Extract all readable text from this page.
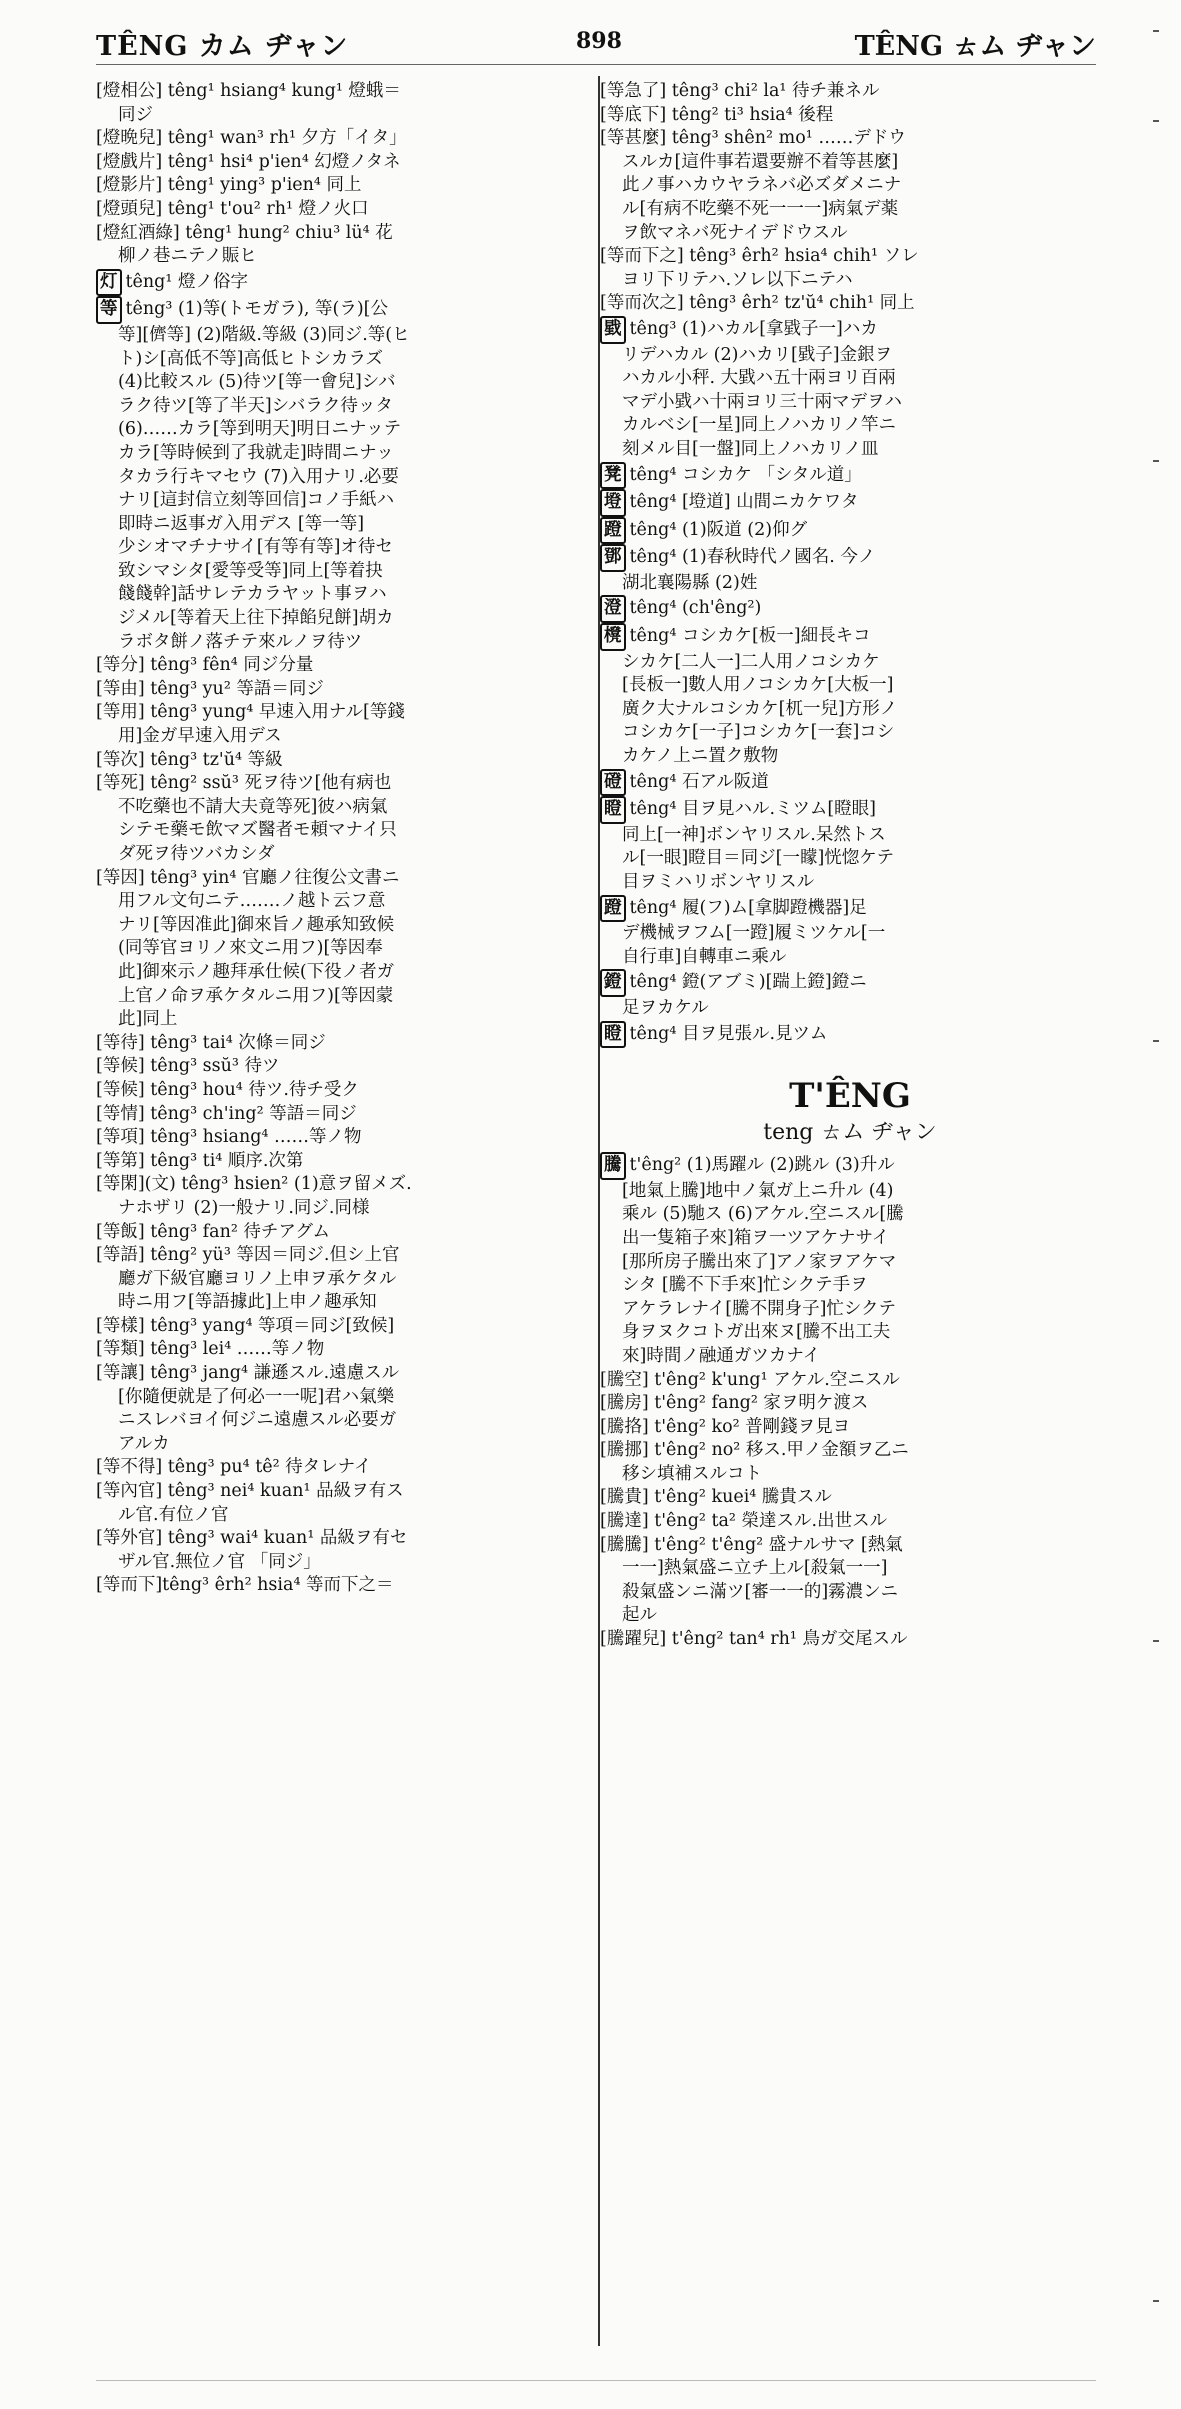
TÊNG カム ヂャン	898	TÊNG ㄊム ヂャン
[燈相公] têng¹ hsiang⁴ kung¹ 燈蛾＝
同ジ
[燈晩兒] têng¹ wan³ rh¹ 夕方「イタ」
[燈戲片] têng¹ hsi⁴ p'ien⁴ 幻燈ノタネ
[燈影片] têng¹ ying³ p'ien⁴ 同上
[燈頭兒] têng¹ t'ou² rh¹ 燈ノ火口
[燈紅酒綠] têng¹ hung² chiu³ lü⁴ 花
柳ノ巷ニテノ賑ヒ
灯 têng¹ 燈ノ俗字
等 têng³ (1)等(トモガラ), 等(ラ)[公
等][儕等] (2)階級.等級 (3)同ジ.等(ヒ
ト)シ[高低不等]高低ヒトシカラズ
(4)比較スル (5)待ツ[等一會兒]シバ
ラク待ツ[等了半天]シバラク待ッタ
(6)……カラ[等到明天]明日ニナッテ
カラ[等時候到了我就走]時間ニナッ
タカラ行キマセウ (7)入用ナリ.必要
ナリ[這封信立刻等回信]コノ手紙ハ
即時ニ返事ガ入用デス [等一等]
少シオマチナサイ[有等有等]オ待セ
致シマシタ[愛等受等]同上[等着抉
餞餞幹]話サレテカラヤット事ヲハ
ジメル[等着天上往下掉餡兒餅]胡カ
ラボタ餅ノ落チテ來ルノヲ待ツ
[等分] têng³ fên⁴ 同ジ分量
[等由] têng³ yu² 等語＝同ジ
[等用] têng³ yung⁴ 早速入用ナル[等錢
用]金ガ早速入用デス
[等次] têng³ tz'ŭ⁴ 等級
[等死] têng² ssŭ³ 死ヲ待ツ[他有病也
不吃藥也不請大夫竟等死]彼ハ病氣
シテモ藥モ飲マズ醫者モ頼マナイ只
ダ死ヲ待ツバカシダ
[等因] têng³ yin⁴ 官廳ノ往復公文書ニ
用フル文句ニテ.……ノ越ト云フ意
ナリ[等因准此]御來旨ノ趣承知致候
(同等官ヨリノ來文ニ用フ)[等因奉
此]御來示ノ趣拜承仕候(下役ノ者ガ
上官ノ命ヲ承ケタルニ用フ)[等因蒙
此]同上
[等待] têng³ tai⁴ 次條＝同ジ
[等候] têng³ ssŭ³ 待ツ
[等候] têng³ hou⁴ 待ツ.待チ受ク
[等情] têng³ ch'ing² 等語＝同ジ
[等項] têng³ hsiang⁴ ……等ノ物
[等第] têng³ ti⁴ 順序.次第
[等閑](文) têng³ hsien² (1)意ヲ留メズ.
ナホザリ (2)一般ナリ.同ジ.同様
[等飯] têng³ fan² 待チアグム
[等語] têng² yü³ 等因＝同ジ.但シ上官
廳ガ下級官廳ヨリノ上申ヲ承ケタル
時ニ用フ[等語據此]上申ノ趣承知
[等樣] têng³ yang⁴ 等項＝同ジ[致候]
[等類] têng³ lei⁴ ……等ノ物
[等讓] têng³ jang⁴ 謙遜スル.遠慮スル
[你隨便就是了何必一一呢]君ハ氣樂
ニスレバヨイ何ジニ遠慮スル必要ガ
アルカ
[等不得] têng³ pu⁴ tê² 待タレナイ
[等內官] têng³ nei⁴ kuan¹ 品級ヲ有ス
ル官.有位ノ官
[等外官] têng³ wai⁴ kuan¹ 品級ヲ有セ
ザル官.無位ノ官 「同ジ」
[等而下]têng³ êrh² hsia⁴ 等而下之＝
[等急了] têng³ chi² la¹ 待チ兼ネル
[等底下] têng² ti³ hsia⁴ 後程
[等甚麼] têng³ shên² mo¹ ……デドウ
スルカ[這件事若還要辦不着等甚麼]
此ノ事ハカウヤラネバ必ズダメニナ
ル[有病不吃藥不死一一一]病氣デ薬
ヲ飲マネバ死ナイデドウスル
[等而下之] têng³ êrh² hsia⁴ chih¹ ソレ
ヨリ下リテハ.ソレ以下ニテハ
[等而次之] têng³ êrh² tz'ŭ⁴ chih¹ 同上
戥 têng³ (1)ハカル[拿戥子一]ハカ
リデハカル (2)ハカリ[戥子]金銀ヲ
ハカル小秤. 大戥ハ五十兩ヨリ百兩
マデ小戥ハ十兩ヨリ三十兩マデヲハ
カルベシ[一星]同上ノハカリノ竿ニ
刻メル目[一盤]同上ノハカリノ皿
凳 têng⁴ コシカケ 「シタル道」
墱 têng⁴ [墱道] 山間ニカケワタ
蹬 têng⁴ (1)阪道 (2)仰グ
鄧 têng⁴ (1)春秋時代ノ國名. 今ノ
湖北襄陽縣 (2)姓
澄 têng⁴ (ch'êng²)
櫈 têng⁴ コシカケ[板一]細長キコ
シカケ[二人一]二人用ノコシカケ
[長板一]數人用ノコシカケ[大板一]
廣ク大ナルコシカケ[杌一兒]方形ノ
コシカケ[一子]コシカケ[一套]コシ
カケノ上ニ置ク敷物
磴 têng⁴ 石アル阪道
瞪 têng⁴ 目ヲ見ハル.ミツム[瞪眼]
同上[一神]ボンヤリスル.呆然トス
ル[一眼]瞪目＝同ジ[一矇]恍惚ケテ
目ヲミハリボンヤリスル
蹬 têng⁴ 履(フ)ム[拿脚蹬機器]足
デ機械ヲフム[一蹬]履ミツケル[一
自行車]自轉車ニ乘ル
鐙 têng⁴ 鐙(アブミ)[踹上鐙]鐙ニ
足ヲカケル
瞪 têng⁴ 目ヲ見張ル.見ツム
T'ÊNG
teng ㄊム ヂャン
騰 t'êng² (1)馬躍ル (2)跳ル (3)升ル
[地氣上騰]地中ノ氣ガ上ニ升ル (4)
乘ル (5)馳ス (6)アケル.空ニスル[騰
出一隻箱子來]箱ヲ一ツアケナサイ
[那所房子騰出來了]アノ家ヲアケマ
シタ [騰不下手來]忙シクテ手ヲ
アケラレナイ[騰不開身子]忙シクテ
身ヲヌクコトガ出來ヌ[騰不出工夫
來]時間ノ融通ガツカナイ
[騰空] t'êng² k'ung¹ アケル.空ニスル
[騰房] t'êng² fang² 家ヲ明ケ渡ス
[騰挌] t'êng² ko² 普剛錢ヲ見ヨ
[騰挪] t'êng² no² 移ス.甲ノ金額ヲ乙ニ
移シ填補スルコト
[騰貴] t'êng² kuei⁴ 騰貴スル
[騰達] t'êng² ta² 榮達スル.出世スル
[騰騰] t'êng² t'êng² 盛ナルサマ [熱氣
一一]熱氣盛ニ立チ上ル[殺氣一一]
殺氣盛ンニ滿ツ[審一一的]霧濃ンニ
起ル
[騰躍兒] t'êng² tan⁴ rh¹ 鳥ガ交尾スル
